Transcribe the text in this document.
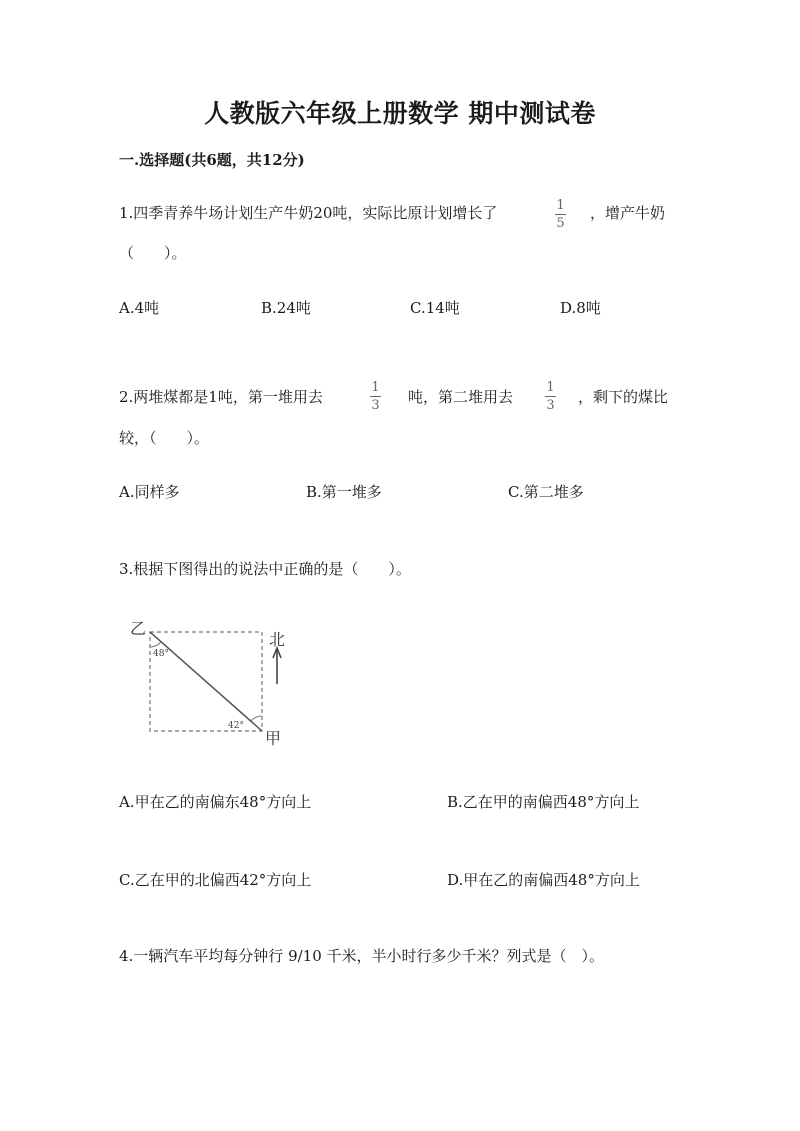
人教版六年级上册数学 期中测试卷
一.选择题(共6题，共12分)
1.四季青养牛场计划生产牛奶20吨，实际比原计划增长了	1
5
，增产牛奶
（　　）。
A.4吨	B.24吨	C.14吨	D.8吨
2.两堆煤都是1吨，第一堆用去
1
3 吨，第二堆用去
1
3 ，剩下的煤比
较，（　　）。
A.同样多	B.第一堆多	C.第二堆多
3.根据下图得出的说法中正确的是（　　）。
乙
甲
北
48°
42°
A.甲在乙的南偏东48°方向上	B.乙在甲的南偏西48°方向上
C.乙在甲的北偏西42°方向上	D.甲在乙的南偏西48°方向上
4.一辆汽车平均每分钟行 9/10 千米，半小时行多少千米？列式是（　）。
